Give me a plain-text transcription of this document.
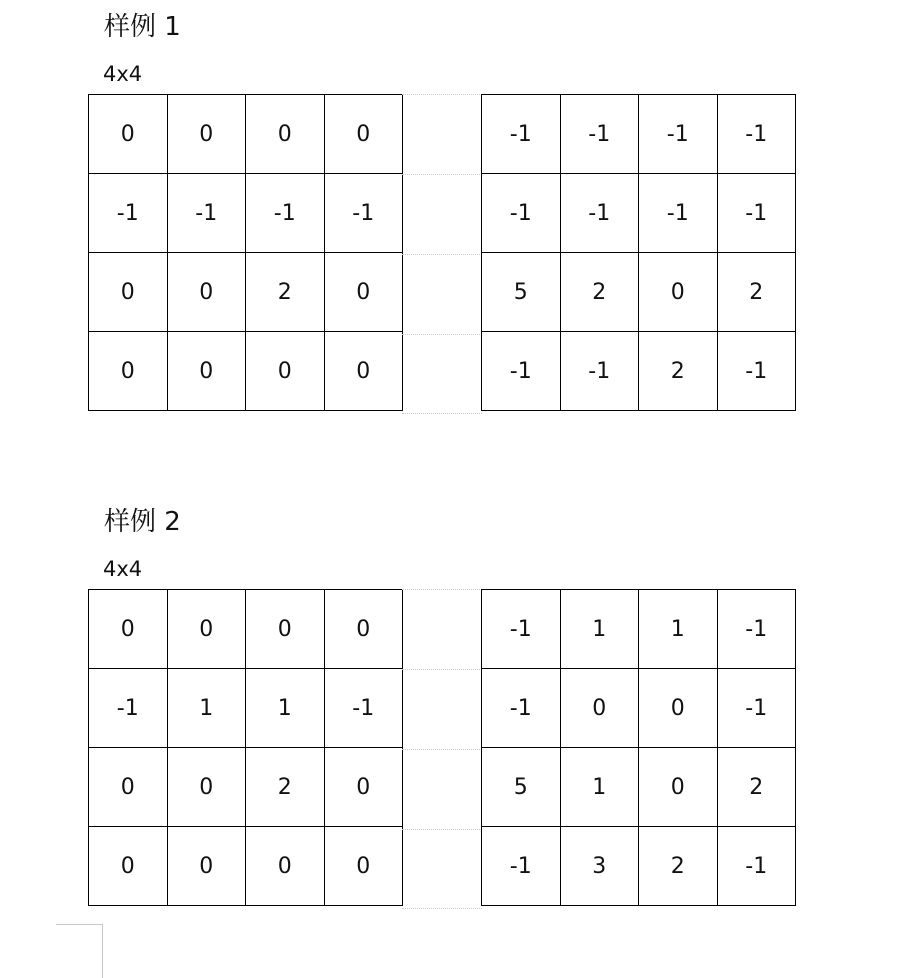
样例 1
4x4
0	0	0	0
-1	-1	-1	-1
0	0	2	0
0	0	0	0
-1	-1	-1	-1
-1	-1	-1	-1
5	2	0	2
-1	-1	2	-1
样例 2
4x4
0	0	0	0
-1	1	1	-1
0	0	2	0
0	0	0	0
-1	1	1	-1
-1	0	0	-1
5	1	0	2
-1	3	2	-1
